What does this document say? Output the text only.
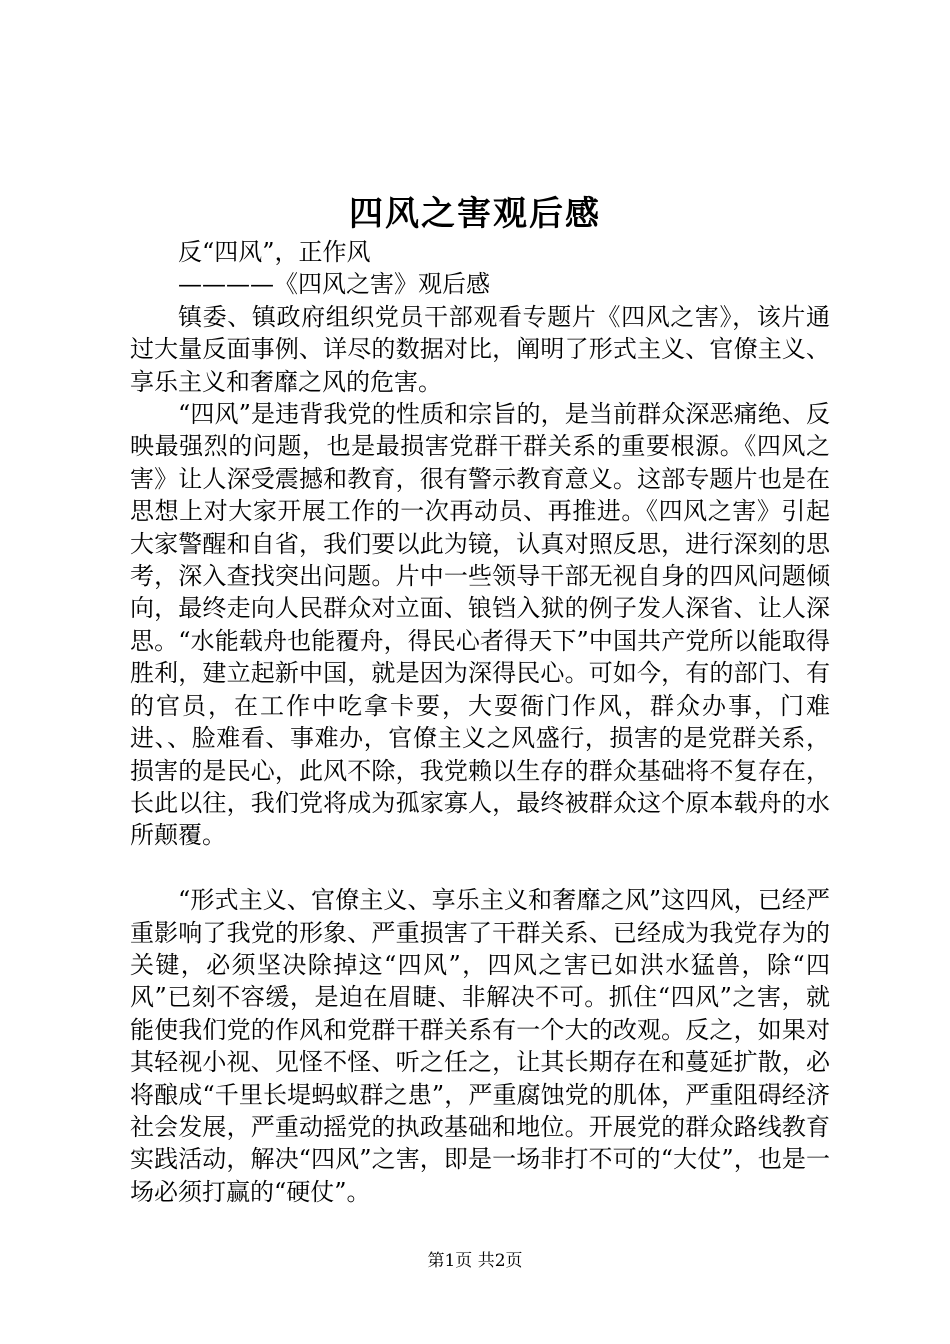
四风之害观后感

反“四风”，正作风

————《四风之害》观后感

镇委、镇政府组织党员干部观看专题片《四风之害》，该片通过大量反面事例、详尽的数据对比，阐明了形式主义、官僚主义、享乐主义和奢靡之风的危害。

“四风”是违背我党的性质和宗旨的，是当前群众深恶痛绝、反映最强烈的问题，也是最损害党群干群关系的重要根源。《四风之害》让人深受震撼和教育，很有警示教育意义。这部专题片也是在思想上对大家开展工作的一次再动员、再推进。《四风之害》引起大家警醒和自省，我们要以此为镜，认真对照反思，进行深刻的思考，深入查找突出问题。片中一些领导干部无视自身的四风问题倾向，最终走向人民群众对立面、锒铛入狱的例子发人深省、让人深思。“水能载舟也能覆舟，得民心者得天下”中国共产党所以能取得胜利，建立起新中国，就是因为深得民心。可如今，有的部门、有的官员，在工作中吃拿卡要，大耍衙门作风，群众办事，门难进、、脸难看、事难办，官僚主义之风盛行，损害的是党群关系，损害的是民心，此风不除，我党赖以生存的群众基础将不复存在，长此以往，我们党将成为孤家寡人，最终被群众这个原本载舟的水所颠覆。

“形式主义、官僚主义、享乐主义和奢靡之风”这四风，已经严重影响了我党的形象、严重损害了干群关系、已经成为我党存为的关键，必须坚决除掉这“四风”，四风之害已如洪水猛兽，除“四风”已刻不容缓，是迫在眉睫、非解决不可。抓住“四风”之害，就能使我们党的作风和党群干群关系有一个大的改观。反之，如果对其轻视小视、见怪不怪、听之任之，让其长期存在和蔓延扩散，必将酿成“千里长堤蚂蚁群之患”，严重腐蚀党的肌体，严重阻碍经济社会发展，严重动摇党的执政基础和地位。开展党的群众路线教育实践活动，解决“四风”之害，即是一场非打不可的“大仗”，也是一场必须打赢的“硬仗”。

第1页 共2页
